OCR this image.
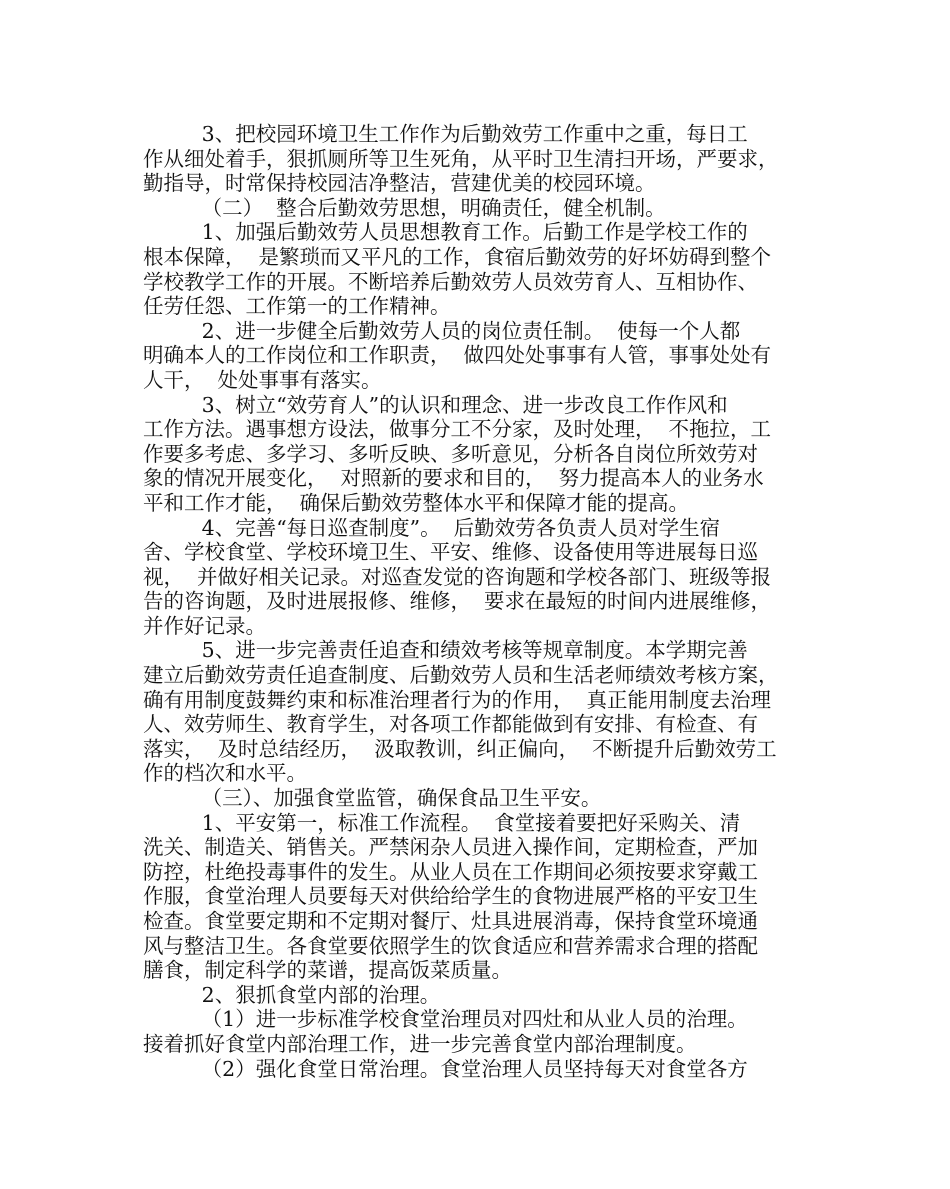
3、把校园环境卫生工作作为后勤效劳工作重中之重，每日工
作从细处着手，狠抓厕所等卫生死角，从平时卫生清扫开场，严要求，
勤指导，时常保持校园洁净整洁，营建优美的校园环境。
（二）  整合后勤效劳思想，明确责任，健全机制。
1、加强后勤效劳人员思想教育工作。后勤工作是学校工作的
根本保障，  是繁琐而又平凡的工作，食宿后勤效劳的好坏妨碍到整个
学校教学工作的开展。不断培养后勤效劳人员效劳育人、互相协作、
任劳任怨、工作第一的工作精神。
2、进一步健全后勤效劳人员的岗位责任制。  使每一个人都
明确本人的工作岗位和工作职责，  做四处处事事有人管，事事处处有
人干，  处处事事有落实。
3、树立“效劳育人”的认识和理念、进一步改良工作作风和
工作方法。遇事想方设法，做事分工不分家，及时处理，  不拖拉，工
作要多考虑、多学习、多听反映、多听意见，分析各自岗位所效劳对
象的情况开展变化，  对照新的要求和目的，  努力提高本人的业务水
平和工作才能，  确保后勤效劳整体水平和保障才能的提高。
4、完善“每日巡查制度”。  后勤效劳各负责人员对学生宿
舍、学校食堂、学校环境卫生、平安、维修、设备使用等进展每日巡
视，  并做好相关记录。对巡查发觉的咨询题和学校各部门、班级等报
告的咨询题，及时进展报修、维修，  要求在最短的时间内进展维修，
并作好记录。
5、进一步完善责任追查和绩效考核等规章制度。本学期完善
建立后勤效劳责任追查制度、后勤效劳人员和生活老师绩效考核方案，
确有用制度鼓舞约束和标准治理者行为的作用，  真正能用制度去治理
人、效劳师生、教育学生，对各项工作都能做到有安排、有检查、有
落实，  及时总结经历，  汲取教训，纠正偏向，  不断提升后勤效劳工
作的档次和水平。
（三）、加强食堂监管，确保食品卫生平安。
1、平安第一，标准工作流程。  食堂接着要把好采购关、清
洗关、制造关、销售关。严禁闲杂人员进入操作间，定期检查，严加
防控，杜绝投毒事件的发生。从业人员在工作期间必须按要求穿戴工
作服，食堂治理人员要每天对供给给学生的食物进展严格的平安卫生
检查。食堂要定期和不定期对餐厅、灶具进展消毒，保持食堂环境通
风与整洁卫生。各食堂要依照学生的饮食适应和营养需求合理的搭配
膳食，制定科学的菜谱，提高饭菜质量。
2、狠抓食堂内部的治理。
（1）进一步标准学校食堂治理员对四灶和从业人员的治理。
接着抓好食堂内部治理工作，进一步完善食堂内部治理制度。
（2）强化食堂日常治理。食堂治理人员坚持每天对食堂各方
